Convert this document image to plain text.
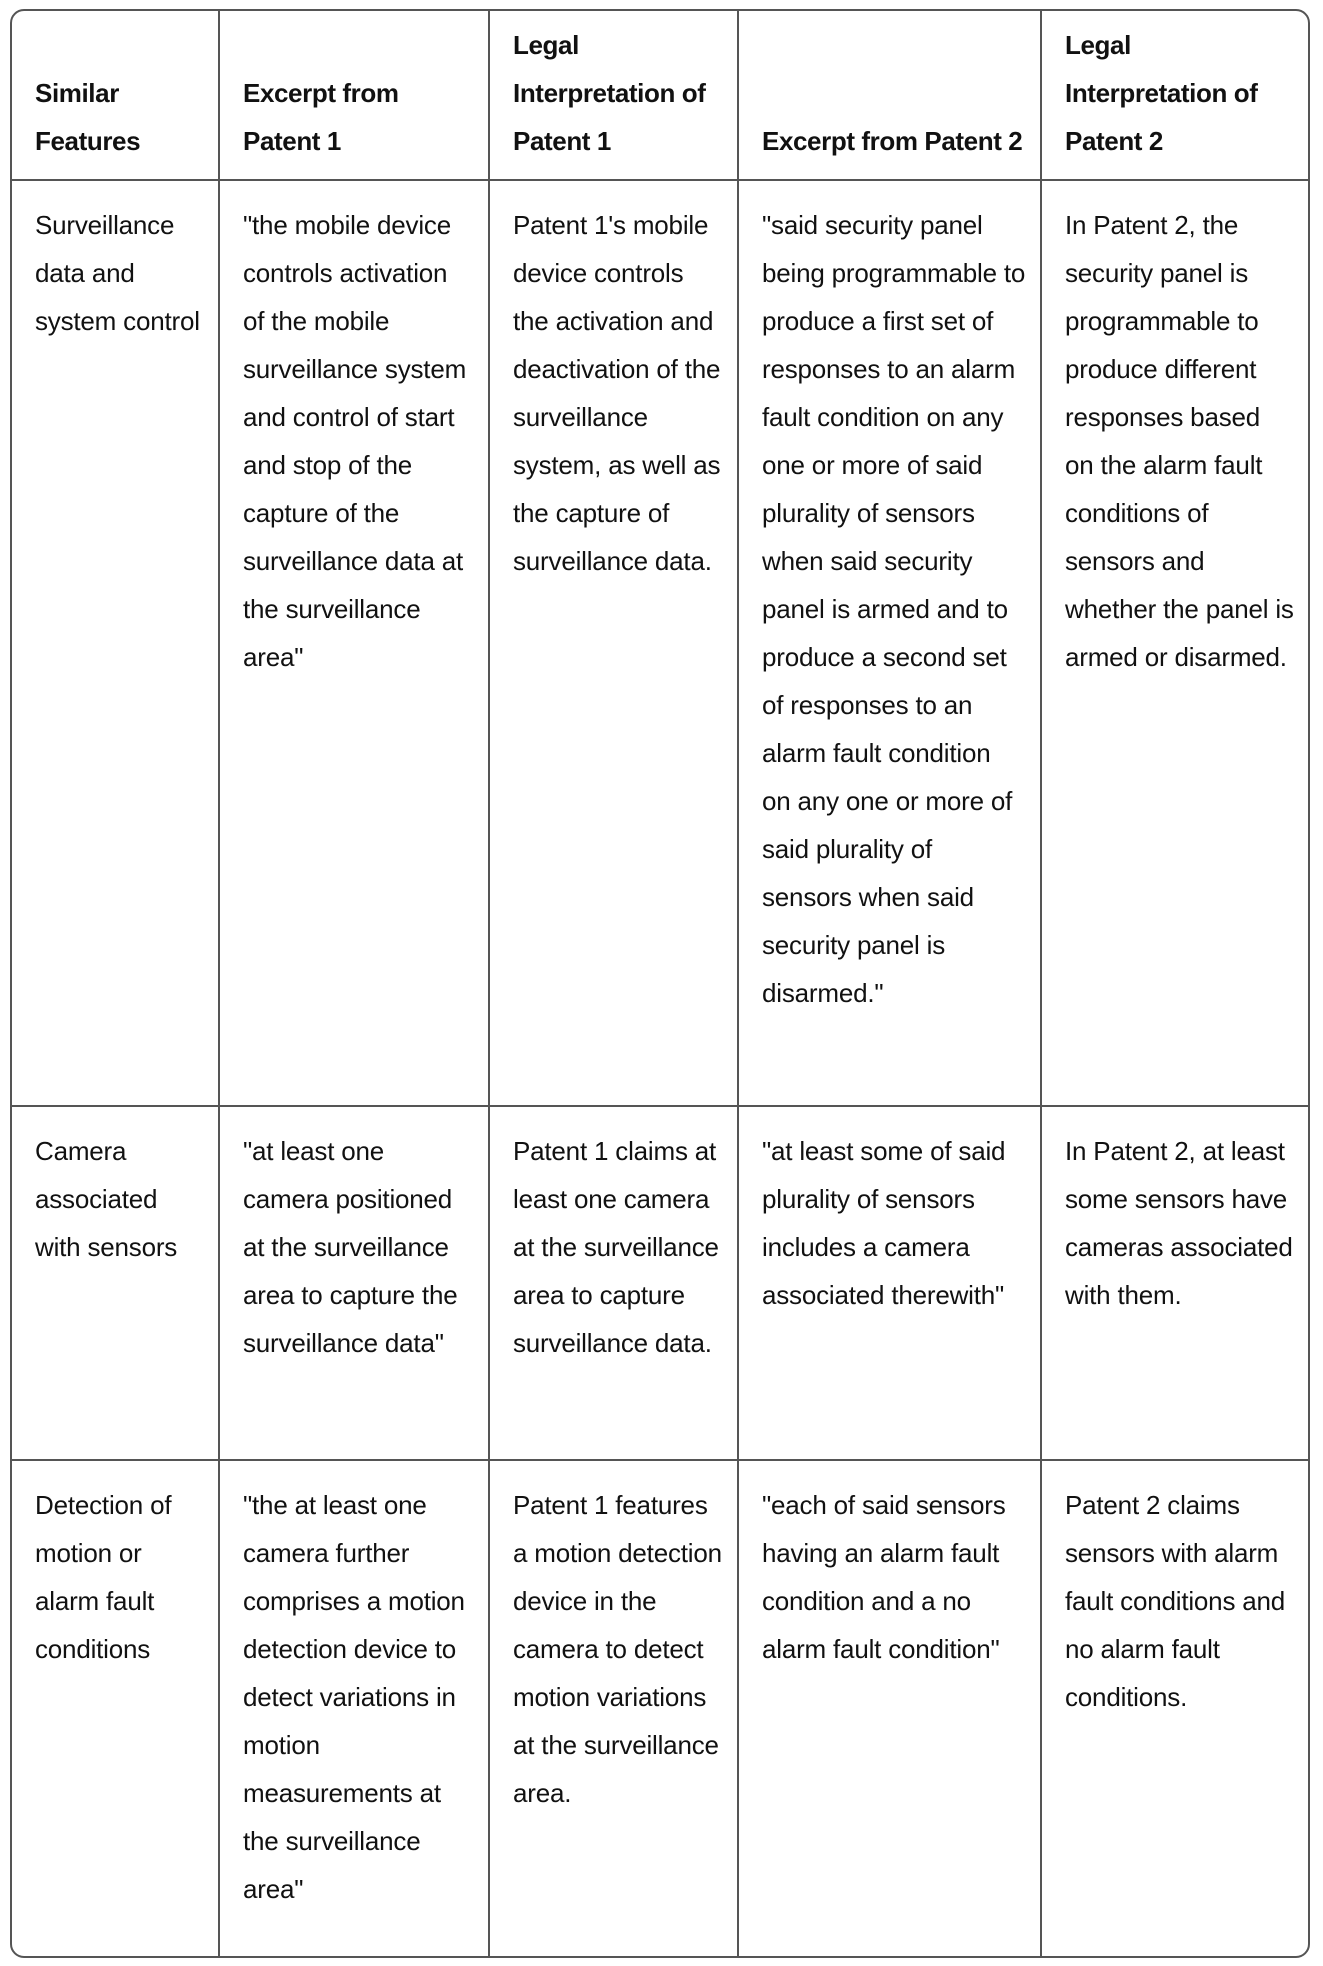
Similar Features	Excerpt from Patent 1	Legal Interpretation of Patent 1	Excerpt from Patent 2	Legal Interpretation of Patent 2
Surveillance data and system control	"the mobile device controls activation of the mobile surveillance system and control of start and stop of the capture of the surveillance data at the surveillance area"	Patent 1's mobile device controls the activation and deactivation of the surveillance system, as well as the capture of surveillance data.	"said security panel being programmable to produce a first set of responses to an alarm fault condition on any one or more of said plurality of sensors when said security panel is armed and to produce a second set of responses to an alarm fault condition on any one or more of said plurality of sensors when said security panel is disarmed."	In Patent 2, the security panel is programmable to produce different responses based on the alarm fault conditions of sensors and whether the panel is armed or disarmed.
Camera associated with sensors	"at least one camera positioned at the surveillance area to capture the surveillance data"	Patent 1 claims at least one camera at the surveillance area to capture surveillance data.	"at least some of said plurality of sensors includes a camera associated therewith"	In Patent 2, at least some sensors have cameras associated with them.
Detection of motion or alarm fault conditions	"the at least one camera further comprises a motion detection device to detect variations in motion measurements at the surveillance area"	Patent 1 features a motion detection device in the camera to detect motion variations at the surveillance area.	"each of said sensors having an alarm fault condition and a no alarm fault condition"	Patent 2 claims sensors with alarm fault conditions and no alarm fault conditions.
